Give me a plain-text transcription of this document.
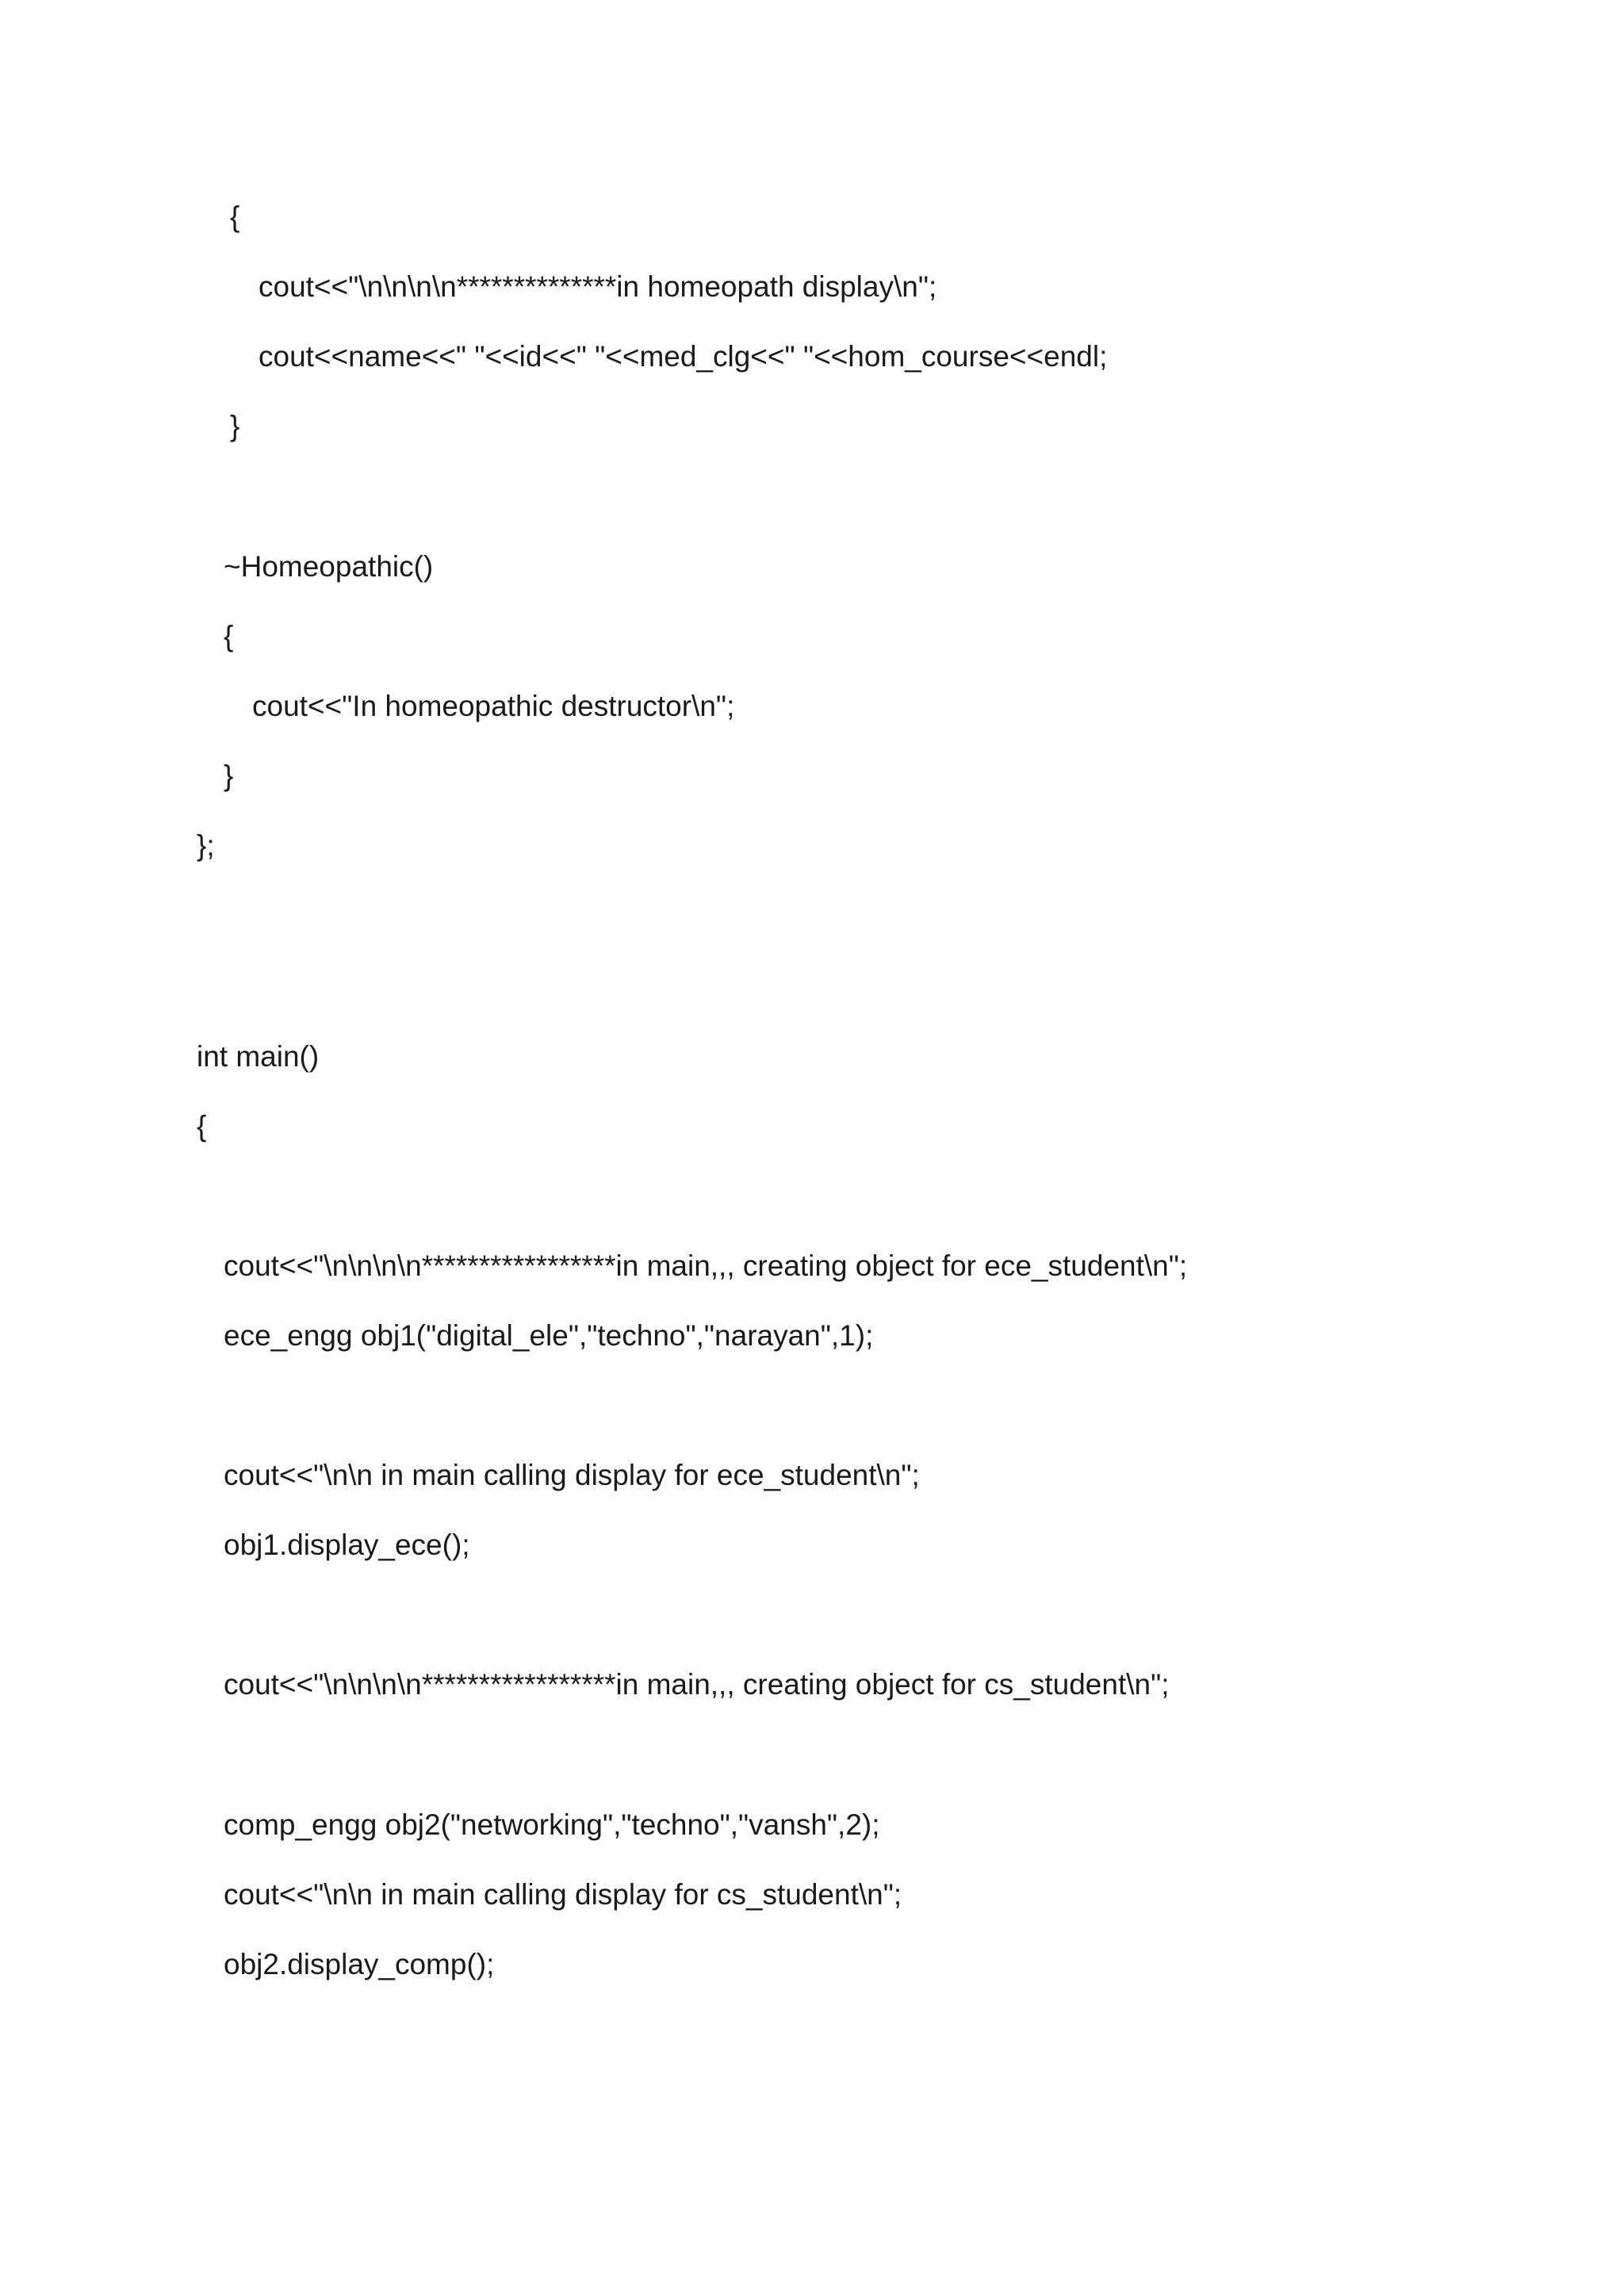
{

cout<<"\n\n\n\n**************in homeopath display\n";

cout<<name<<" "<<id<<" "<<med_clg<<" "<<hom_course<<endl;

}

~Homeopathic()

{

cout<<"In homeopathic destructor\n";

}

};

int main()

{

cout<<"\n\n\n\n*****************in main,,, creating object for ece_student\n";

ece_engg obj1("digital_ele","techno","narayan",1);

cout<<"\n\n in main calling display for ece_student\n";

obj1.display_ece();

cout<<"\n\n\n\n*****************in main,,, creating object for cs_student\n";

comp_engg obj2("networking","techno","vansh",2);

cout<<"\n\n in main calling display for cs_student\n";

obj2.display_comp();
